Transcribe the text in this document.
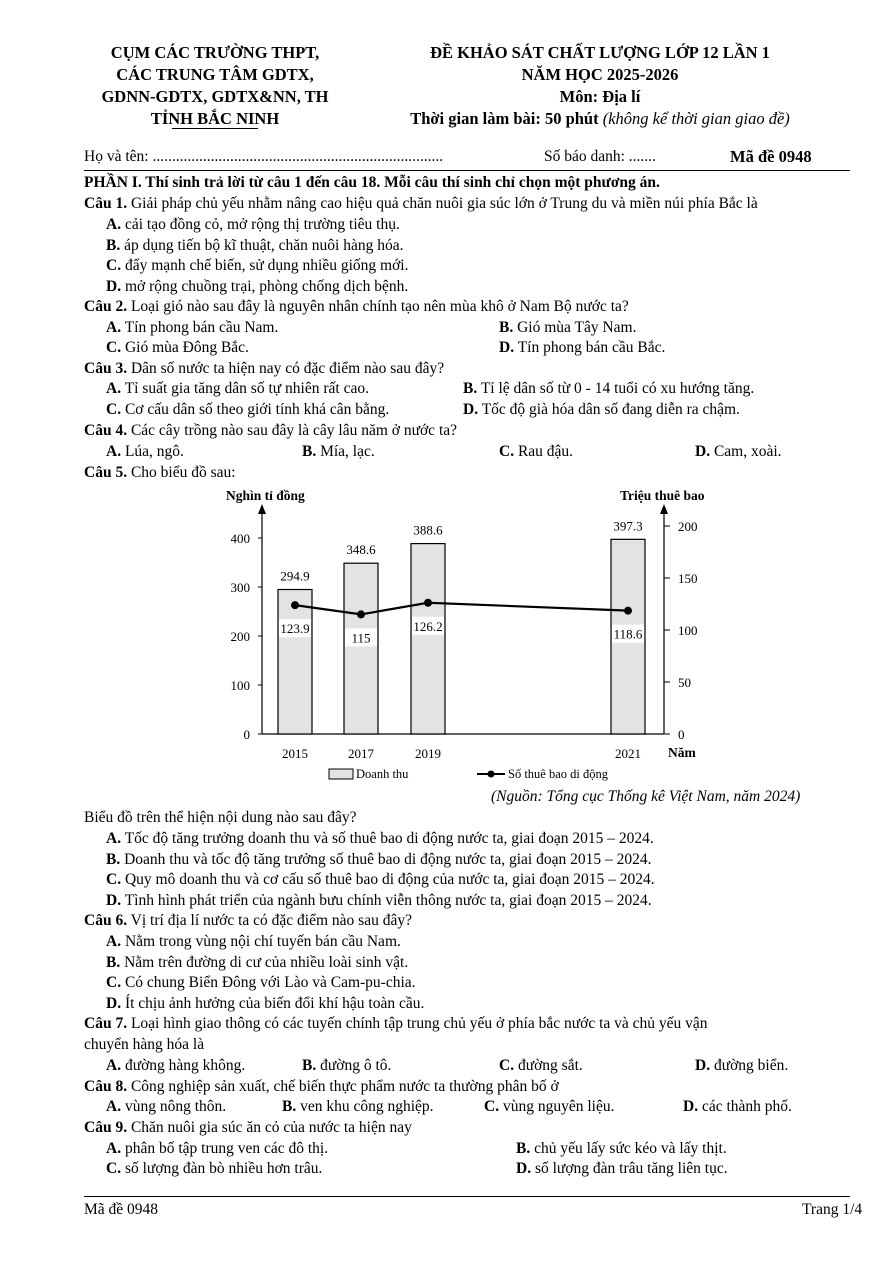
CỤM CÁC TRƯỜNG THPT,
CÁC TRUNG TÂM GDTX,
GDNN-GDTX, GDTX&NN, TH
TỈNH BẮC NINH
ĐỀ KHẢO SÁT CHẤT LƯỢNG LỚP 12 LẦN 1
NĂM HỌC 2025-2026
Môn: Địa lí
Thời gian làm bài: 50 phút (không kể thời gian giao đề)
Họ và tên: ...........................................................................	Số báo danh: .......	Mã đề 0948
PHẦN I. Thí sinh trả lời từ câu 1 đến câu 18. Mỗi câu thí sinh chỉ chọn một phương án.
Câu 1. Giải pháp chủ yếu nhằm nâng cao hiệu quả chăn nuôi gia súc lớn ở Trung du và miền núi phía Bắc là
A. cải tạo đồng cỏ, mở rộng thị trường tiêu thụ.
B. áp dụng tiến bộ kĩ thuật, chăn nuôi hàng hóa.
C. đẩy mạnh chế biến, sử dụng nhiều giống mới.
D. mở rộng chuồng trại, phòng chống dịch bệnh.
Câu 2. Loại gió nào sau đây là nguyên nhân chính tạo nên mùa khô ở Nam Bộ nước ta?
A. Tín phong bán cầu Nam.	B. Gió mùa Tây Nam.
C. Gió mùa Đông Bắc.	D. Tín phong bán cầu Bắc.
Câu 3. Dân số nước ta hiện nay có đặc điểm nào sau đây?
A. Tỉ suất gia tăng dân số tự nhiên rất cao.	B. Tỉ lệ dân số từ 0 - 14 tuổi có xu hướng tăng.
C. Cơ cấu dân số theo giới tính khá cân bằng.	D. Tốc độ già hóa dân số đang diễn ra chậm.
Câu 4. Các cây trồng nào sau đây là cây lâu năm ở nước ta?
A. Lúa, ngô.	B. Mía, lạc.	C. Rau đậu.	D. Cam, xoài.
Câu 5. Cho biểu đồ sau:
Nghìn tỉ đồng	Triệu thuê bao
Năm
0
100
200
300
400
0
50
100
150
200
294.9
348.6
388.6	397.3
123.9
115
126.2
118.6
2015	2017	2019	2021
Doanh thu	Số thuê bao di động
(Nguồn: Tổng cục Thống kê Việt Nam, năm 2024)
Biểu đồ trên thể hiện nội dung nào sau đây?
A. Tốc độ tăng trưởng doanh thu và số thuê bao di động nước ta, giai đoạn 2015 – 2024.
B. Doanh thu và tốc độ tăng trưởng số thuê bao di động nước ta, giai đoạn 2015 – 2024.
C. Quy mô doanh thu và cơ cấu số thuê bao di động của nước ta, giai đoạn 2015 – 2024.
D. Tình hình phát triển của ngành bưu chính viễn thông nước ta, giai đoạn 2015 – 2024.
Câu 6. Vị trí địa lí nước ta có đặc điểm nào sau đây?
A. Nằm trong vùng nội chí tuyến bán cầu Nam.
B. Nằm trên đường di cư của nhiều loài sinh vật.
C. Có chung Biển Đông với Lào và Cam-pu-chia.
D. Ít chịu ảnh hưởng của biến đổi khí hậu toàn cầu.
Câu 7. Loại hình giao thông có các tuyến chính tập trung chủ yếu ở phía bắc nước ta và chủ yếu vận
chuyển hàng hóa là
A. đường hàng không.	B. đường ô tô.	C. đường sắt.	D. đường biển.
Câu 8. Công nghiệp sản xuất, chế biến thực phẩm nước ta thường phân bố ở
A. vùng nông thôn.	B. ven khu công nghiệp.	C. vùng nguyên liệu.	D. các thành phố.
Câu 9. Chăn nuôi gia súc ăn cỏ của nước ta hiện nay
A. phân bố tập trung ven các đô thị.	B. chủ yếu lấy sức kéo và lấy thịt.
C. số lượng đàn bò nhiều hơn trâu.	D. số lượng đàn trâu tăng liên tục.
Mã đề 0948	Trang 1/4
